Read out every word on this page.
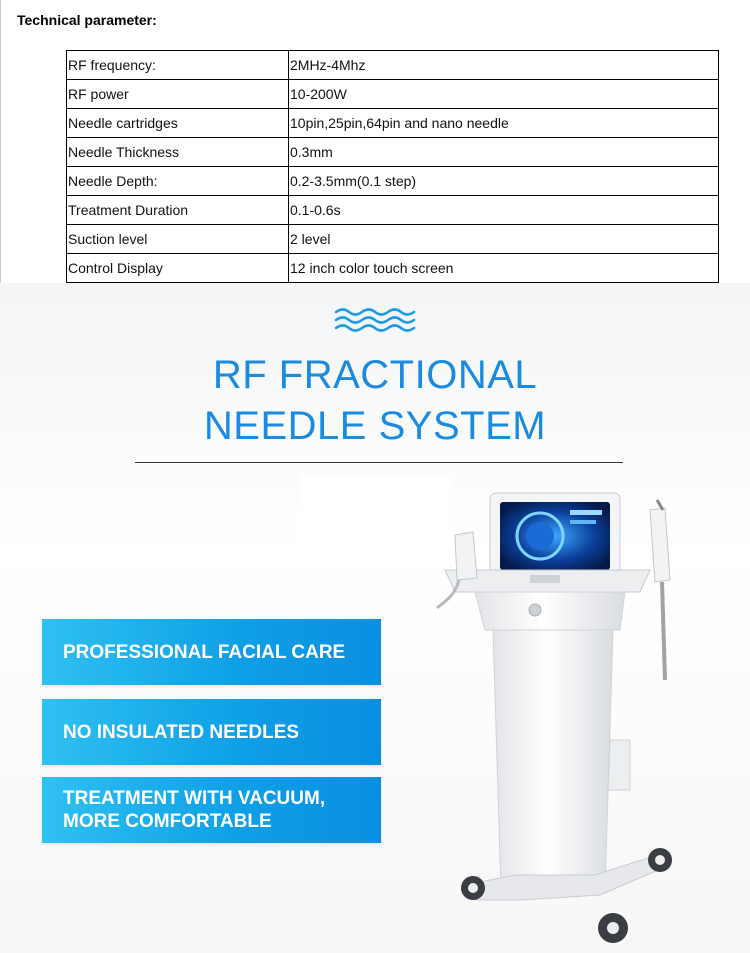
Technical parameter:
RF frequency:	2MHz-4Mhz
RF power	10-200W
Needle cartridges	10pin,25pin,64pin and nano needle
Needle Thickness	0.3mm
Needle Depth:	0.2-3.5mm(0.1 step)
Treatment Duration	0.1-0.6s
Suction level	2 level
Control Display	12 inch color touch screen
RF FRACTIONAL
NEEDLE SYSTEM
PROFESSIONAL FACIAL CARE
NO INSULATED NEEDLES
TREATMENT WITH VACUUM,
MORE COMFORTABLE
